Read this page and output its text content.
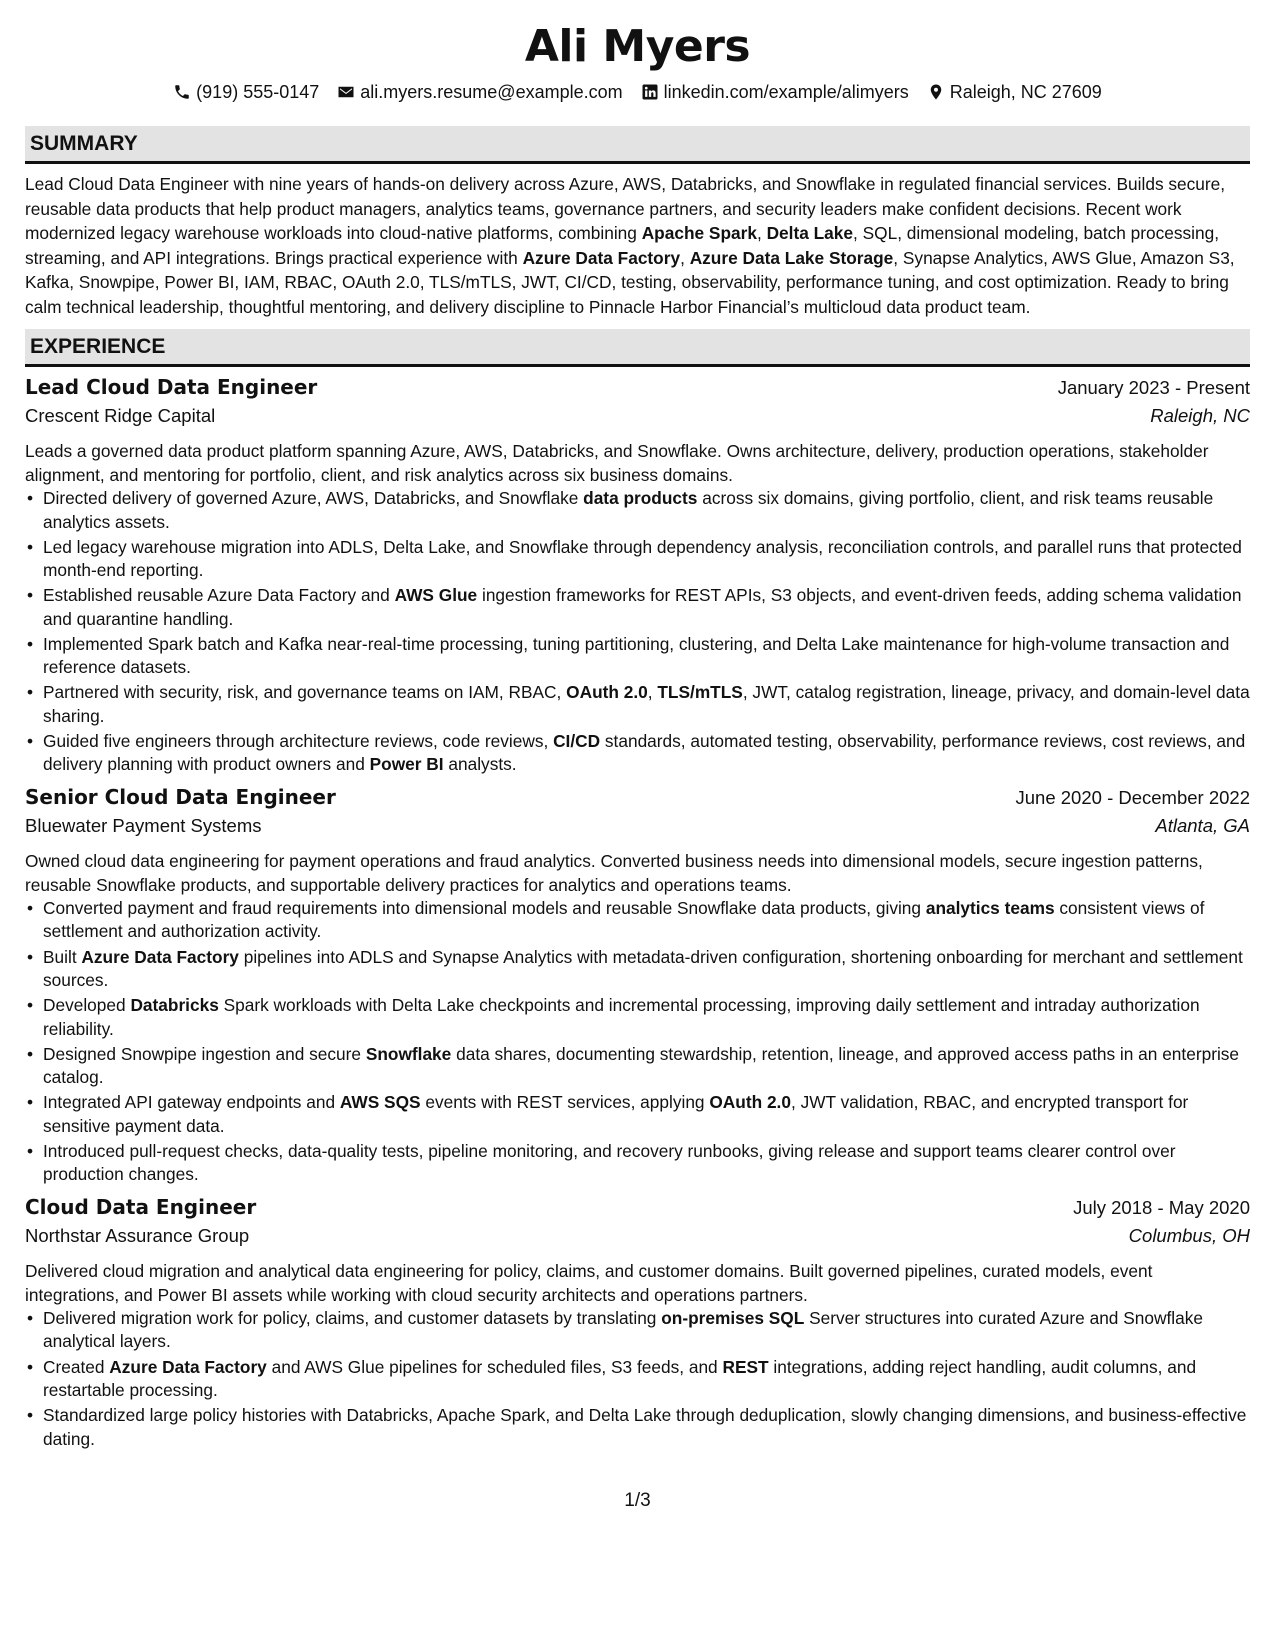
Ali Myers
(919) 555-0147 ali.myers.resume@example.com linkedin.com/example/alimyers Raleigh, NC 27609
SUMMARY

Lead Cloud Data Engineer with nine years of hands-on delivery across Azure, AWS, Databricks, and Snowflake in regulated financial services. Builds secure, reusable data products that help product managers, analytics teams, governance partners, and security leaders make confident decisions. Recent work modernized legacy warehouse workloads into cloud-native platforms, combining Apache Spark, Delta Lake, SQL, dimensional modeling, batch processing, streaming, and API integrations. Brings practical experience with Azure Data Factory, Azure Data Lake Storage, Synapse Analytics, AWS Glue, Amazon S3, Kafka, Snowpipe, Power BI, IAM, RBAC, OAuth 2.0, TLS/mTLS, JWT, CI/CD, testing, observability, performance tuning, and cost optimization. Ready to bring calm technical leadership, thoughtful mentoring, and delivery discipline to Pinnacle Harbor Financial’s multicloud data product team.

EXPERIENCE
Lead Cloud Data Engineer	January 2023 - Present
Crescent Ridge Capital	Raleigh, NC

Leads a governed data product platform spanning Azure, AWS, Databricks, and Snowflake. Owns architecture, delivery, production operations, stakeholder alignment, and mentoring for portfolio, client, and risk analytics across six business domains.

• Directed delivery of governed Azure, AWS, Databricks, and Snowflake data products across six domains, giving portfolio, client, and risk teams reusable analytics assets.
• Led legacy warehouse migration into ADLS, Delta Lake, and Snowflake through dependency analysis, reconciliation controls, and parallel runs that protected month-end reporting.
• Established reusable Azure Data Factory and AWS Glue ingestion frameworks for REST APIs, S3 objects, and event-driven feeds, adding schema validation and quarantine handling.
• Implemented Spark batch and Kafka near-real-time processing, tuning partitioning, clustering, and Delta Lake maintenance for high-volume transaction and reference datasets.
• Partnered with security, risk, and governance teams on IAM, RBAC, OAuth 2.0, TLS/mTLS, JWT, catalog registration, lineage, privacy, and domain-level data sharing.
• Guided five engineers through architecture reviews, code reviews, CI/CD standards, automated testing, observability, performance reviews, cost reviews, and delivery planning with product owners and Power BI analysts.
Senior Cloud Data Engineer	June 2020 - December 2022
Bluewater Payment Systems	Atlanta, GA

Owned cloud data engineering for payment operations and fraud analytics. Converted business needs into dimensional models, secure ingestion patterns, reusable Snowflake products, and supportable delivery practices for analytics and operations teams.

• Converted payment and fraud requirements into dimensional models and reusable Snowflake data products, giving analytics teams consistent views of settlement and authorization activity.
• Built Azure Data Factory pipelines into ADLS and Synapse Analytics with metadata-driven configuration, shortening onboarding for merchant and settlement sources.
• Developed Databricks Spark workloads with Delta Lake checkpoints and incremental processing, improving daily settlement and intraday authorization reliability.
• Designed Snowpipe ingestion and secure Snowflake data shares, documenting stewardship, retention, lineage, and approved access paths in an enterprise catalog.
• Integrated API gateway endpoints and AWS SQS events with REST services, applying OAuth 2.0, JWT validation, RBAC, and encrypted transport for sensitive payment data.
• Introduced pull-request checks, data-quality tests, pipeline monitoring, and recovery runbooks, giving release and support teams clearer control over production changes.
Cloud Data Engineer	July 2018 - May 2020
Northstar Assurance Group	Columbus, OH

Delivered cloud migration and analytical data engineering for policy, claims, and customer domains. Built governed pipelines, curated models, event integrations, and Power BI assets while working with cloud security architects and operations partners.

• Delivered migration work for policy, claims, and customer datasets by translating on-premises SQL Server structures into curated Azure and Snowflake analytical layers.
• Created Azure Data Factory and AWS Glue pipelines for scheduled files, S3 feeds, and REST integrations, adding reject handling, audit columns, and restartable processing.
• Standardized large policy histories with Databricks, Apache Spark, and Delta Lake through deduplication, slowly changing dimensions, and business-effective dating.
1/3
